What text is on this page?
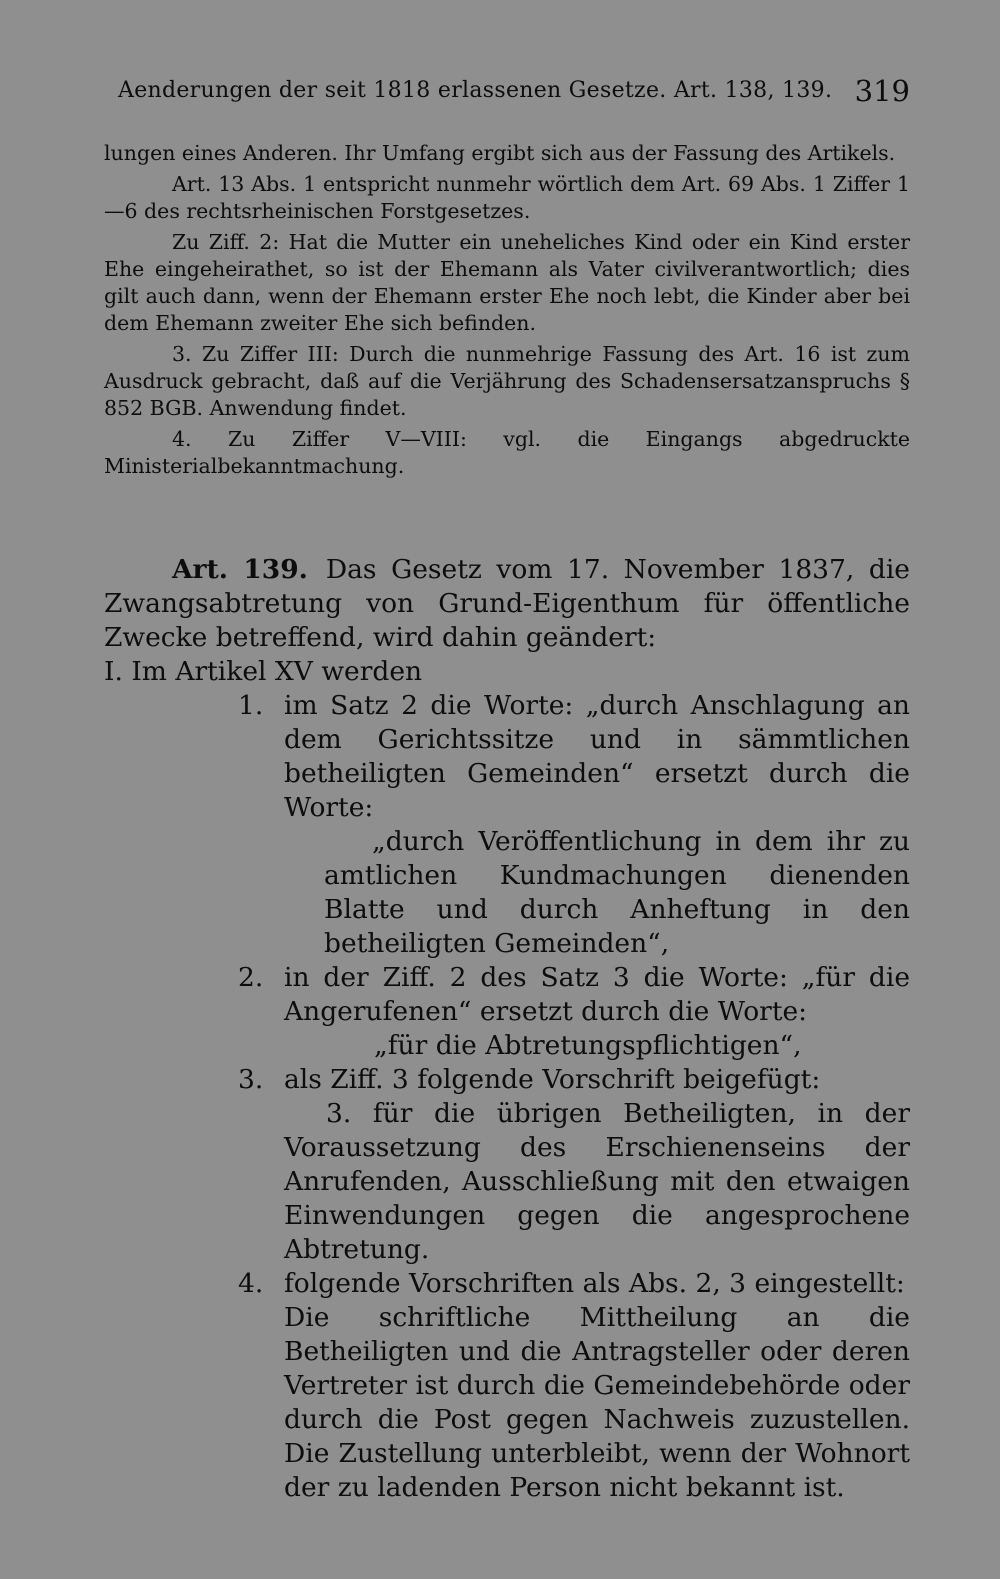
Aenderungen der seit 1818 erlassenen Gesetze. Art. 138, 139. 319

lungen eines Anderen. Ihr Umfang ergibt sich aus der Fassung des Artikels.

Art. 13 Abs. 1 entspricht nunmehr wörtlich dem Art. 69 Abs. 1 Ziffer 1—6 des rechtsrheinischen Forstgesetzes.

Zu Ziff. 2: Hat die Mutter ein uneheliches Kind oder ein Kind erster Ehe eingeheirathet, so ist der Ehemann als Vater civilverantwortlich; dies gilt auch dann, wenn der Ehemann erster Ehe noch lebt, die Kinder aber bei dem Ehemann zweiter Ehe sich befinden.

3. Zu Ziffer III: Durch die nunmehrige Fassung des Art. 16 ist zum Ausdruck gebracht, daß auf die Verjährung des Schadensersatzanspruchs § 852 BGB. Anwendung findet.

4. Zu Ziffer V—VIII: vgl. die Eingangs abgedruckte Ministerialbekanntmachung.

Art. 139. Das Gesetz vom 17. November 1837, die Zwangsabtretung von Grund-Eigenthum für öffentliche Zwecke betreffend, wird dahin geändert:

I. Im Artikel XV werden

1. im Satz 2 die Worte: „durch Anschlagung an dem Gerichtssitze und in sämmtlichen betheiligten Gemeinden“ ersetzt durch die Worte:

„durch Veröffentlichung in dem ihr zu amtlichen Kundmachungen dienenden Blatte und durch Anheftung in den betheiligten Gemeinden“,

2. in der Ziff. 2 des Satz 3 die Worte: „für die Angerufenen“ ersetzt durch die Worte:

„für die Abtretungspflichtigen“,

3. als Ziff. 3 folgende Vorschrift beigefügt:

3. für die übrigen Betheiligten, in der Voraussetzung des Erschienenseins der Anrufenden, Ausschließung mit den etwaigen Einwendungen gegen die angesprochene Abtretung.

4. folgende Vorschriften als Abs. 2, 3 eingestellt:

Die schriftliche Mittheilung an die Betheiligten und die Antragsteller oder deren Vertreter ist durch die Gemeindebehörde oder durch die Post gegen Nachweis zuzustellen. Die Zustellung unterbleibt, wenn der Wohnort der zu ladenden Person nicht bekannt ist.
